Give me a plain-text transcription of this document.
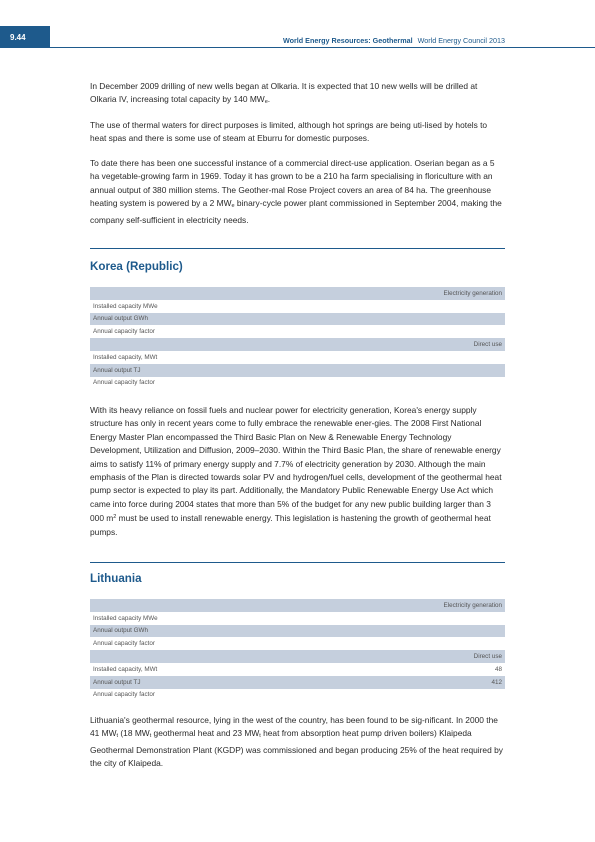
9.44	World Energy Resources: Geothermal World Energy Council 2013

In December 2009 drilling of new wells began at Olkaria. It is expected that 10 new wells will be drilled at Olkaria IV, increasing total capacity by 140 MWe.

The use of thermal waters for direct purposes is limited, although hot springs are being uti-lised by hotels to heat spas and there is some use of steam at Eburru for domestic purposes.

To date there has been one successful instance of a commercial direct-use application. Oserian began as a 5 ha vegetable-growing farm in 1969. Today it has grown to be a 210 ha farm specialising in floriculture with an annual output of 380 million stems. The Geother-mal Rose Project covers an area of 84 ha. The greenhouse heating system is powered by a 2 MWe binary-cycle power plant commissioned in September 2004, making the company self-sufficient in electricity needs.

Korea (Republic)
Electricity generation
Installed capacity MWe
Annual output GWh
Annual capacity factor
Direct use
Installed capacity, MWt
Annual output TJ
Annual capacity factor

With its heavy reliance on fossil fuels and nuclear power for electricity generation, Korea's energy supply structure has only in recent years come to fully embrace the renewable ener-gies. The 2008 First National Energy Master Plan encompassed the Third Basic Plan on New & Renewable Energy Technology Development, Utilization and Diffusion, 2009–2030. Within the Third Basic Plan, the share of renewable energy aims to satisfy 11% of primary energy supply and 7.7% of electricity generation by 2030. Although the main emphasis of the Plan is directed towards solar PV and hydrogen/fuel cells, development of the geothermal heat pump sector is expected to play its part. Additionally, the Mandatory Public Renewable Energy Use Act which came into force during 2004 states that more than 5% of the budget for any new public building larger than 3 000 $m^2$ must be used to install renewable energy. This legislation is hastening the growth of geothermal heat pumps.

Lithuania
Electricity generation
Installed capacity MWe
Annual output GWh
Annual capacity factor
Direct use
Installed capacity, MWt	48
Annual output TJ	412
Annual capacity factor

Lithuania's geothermal resource, lying in the west of the country, has been found to be sig-nificant. In 2000 the 41 MWt (18 MWt geothermal heat and 23 MWt heat from absorption heat pump driven boilers) Klaipeda Geothermal Demonstration Plant (KGDP) was commissioned and began producing 25% of the heat required by the city of Klaipeda.
